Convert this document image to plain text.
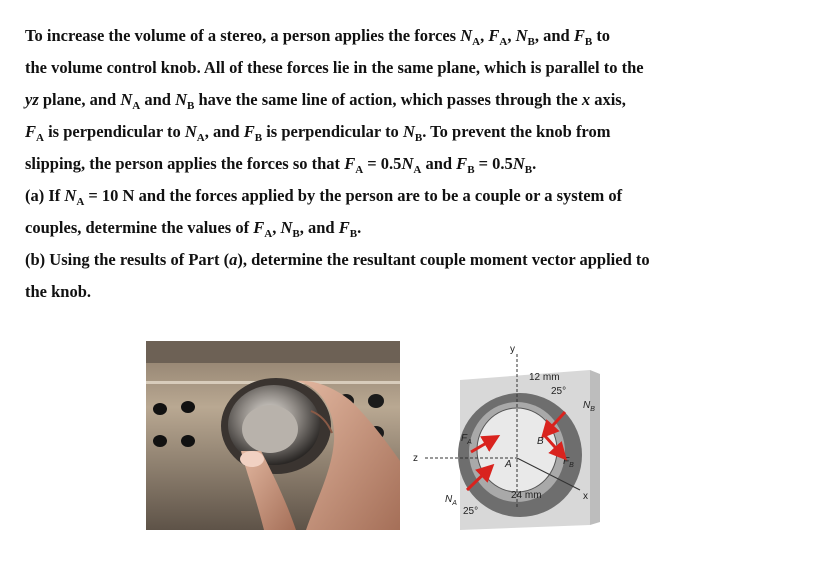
To increase the volume of a stereo, a person applies the forces $N_A$, $F_A$, $N_B$, and $F_B$ to
the volume control knob. All of these forces lie in the same plane, which is parallel to the
yz plane, and $N_A$ and $N_B$ have the same line of action, which passes through the x axis,
$F_A$ is perpendicular to $N_A$, and $F_B$ is perpendicular to $N_B$. To prevent the knob from
slipping, the person applies the forces so that $F_A = 0.5N_A$ and $F_B = 0.5N_B$.
(a) If $N_A = 10$ N and the forces applied by the person are to be a couple or a system of
couples, determine the values of $F_A$, $N_B$, and $F_B$.
(b) Using the results of Part (a), determine the resultant couple moment vector applied to
the knob.
y
z
x
12 mm
25°
$N_B$
$F_A$	B
A	$F_B$
$N_A$
25°
24 mm
